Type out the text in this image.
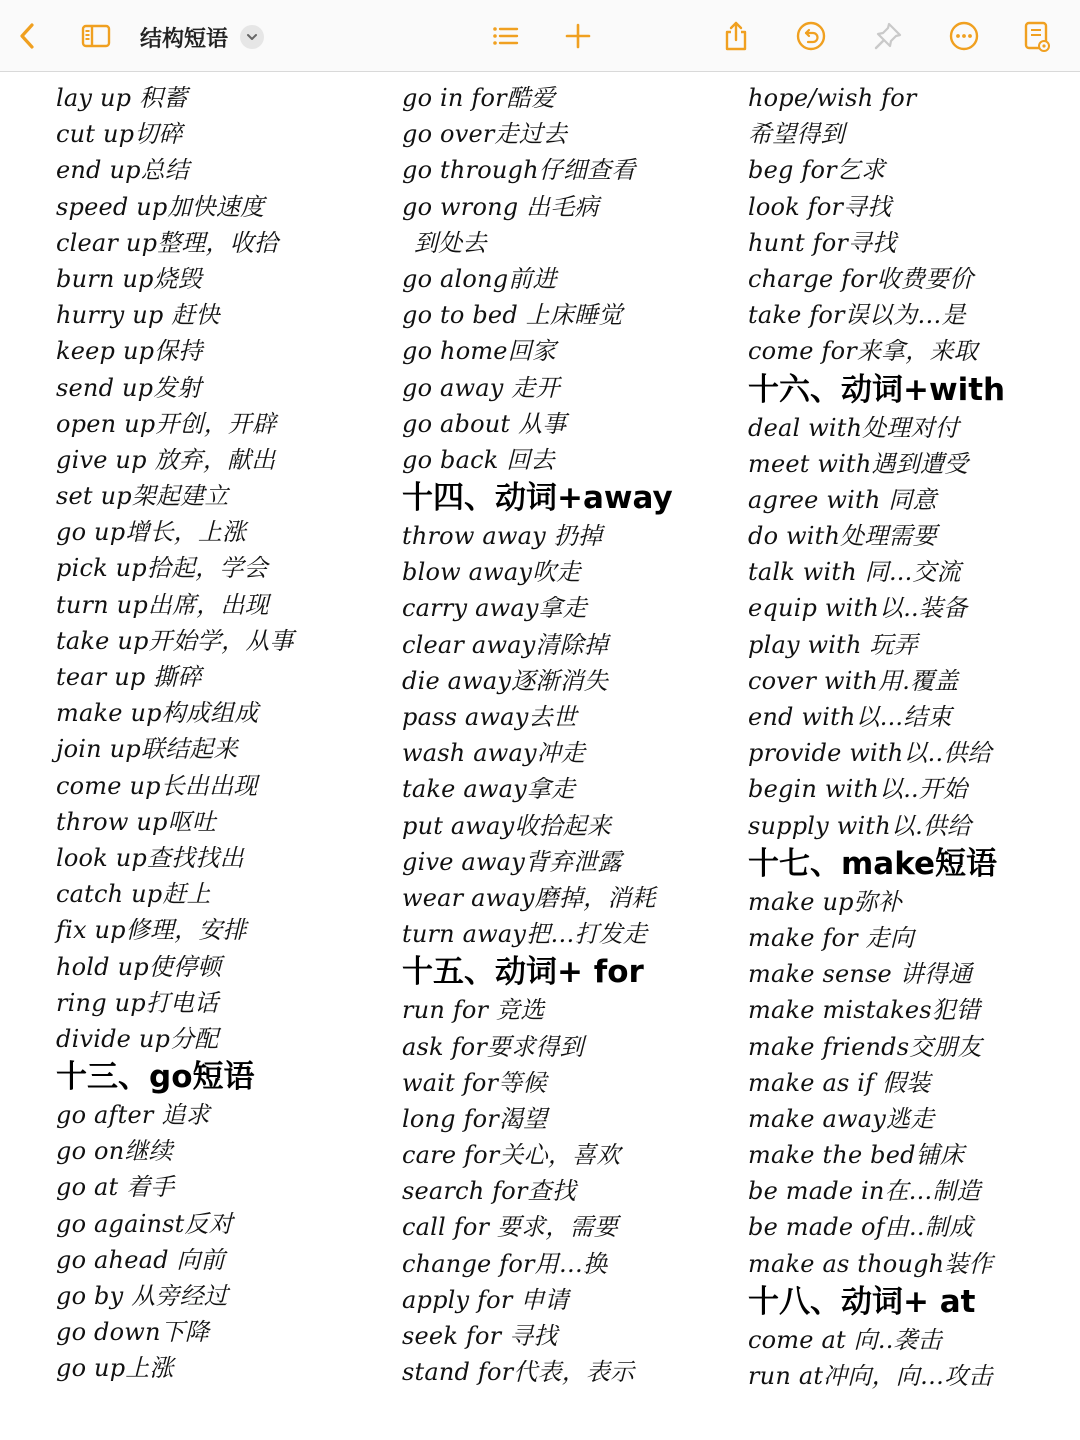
结构短语
lay up 积蓄
cut up切碎
end up总结
speed up加快速度
clear up整理，收拾
burn up烧毁
hurry up 赶快
keep up保持
send up发射
open up开创，开辟
give up 放弃，献出
set up架起建立
go up增长，上涨
pick up拾起，学会
turn up出席，出现
take up开始学，从事
tear up 撕碎
make up构成组成
join up联结起来
come up长出出现
throw up呕吐
look up查找找出
catch up赶上
fix up修理，安排
hold up使停顿
ring up打电话
divide up分配
十三、go短语
go after 追求
go on继续
go at 着手
go against反对
go ahead 向前
go by 从旁经过
go down下降
go up上涨
go in for酷爱
go over走过去
go through仔细查看
go wrong 出毛病
到处去
go along前进
go to bed 上床睡觉
go home回家
go away 走开
go about 从事
go back 回去
十四、动词+away
throw away 扔掉
blow away吹走
carry away拿走
clear away清除掉
die away逐渐消失
pass away去世
wash away冲走
take away拿走
put away收拾起来
give away背弃泄露
wear away磨掉，消耗
turn away把…打发走
十五、动词+ for
run for 竞选
ask for要求得到
wait for等候
long for渴望
care for关心，喜欢
search for查找
call for 要求，需要
change for用…换
apply for 申请
seek for 寻找
stand for代表，表示
hope/wish for
希望得到
beg for乞求
look for寻找
hunt for寻找
charge for收费要价
take for误以为…是
come for来拿，来取
十六、动词+with
deal with处理对付
meet with遇到遭受
agree with 同意
do with处理需要
talk with 同...交流
equip with以..装备
play with 玩弄
cover with用.覆盖
end with以...结束
provide with以..供给
begin with以..开始
supply with以.供给
十七、make短语
make up弥补
make for 走向
make sense 讲得通
make mistakes犯错
make friends交朋友
make as if 假装
make away逃走
make the bed铺床
be made in在...制造
be made of由..制成
make as though装作
十八、动词+ at
come at 向..袭击
run at冲向，向…攻击
